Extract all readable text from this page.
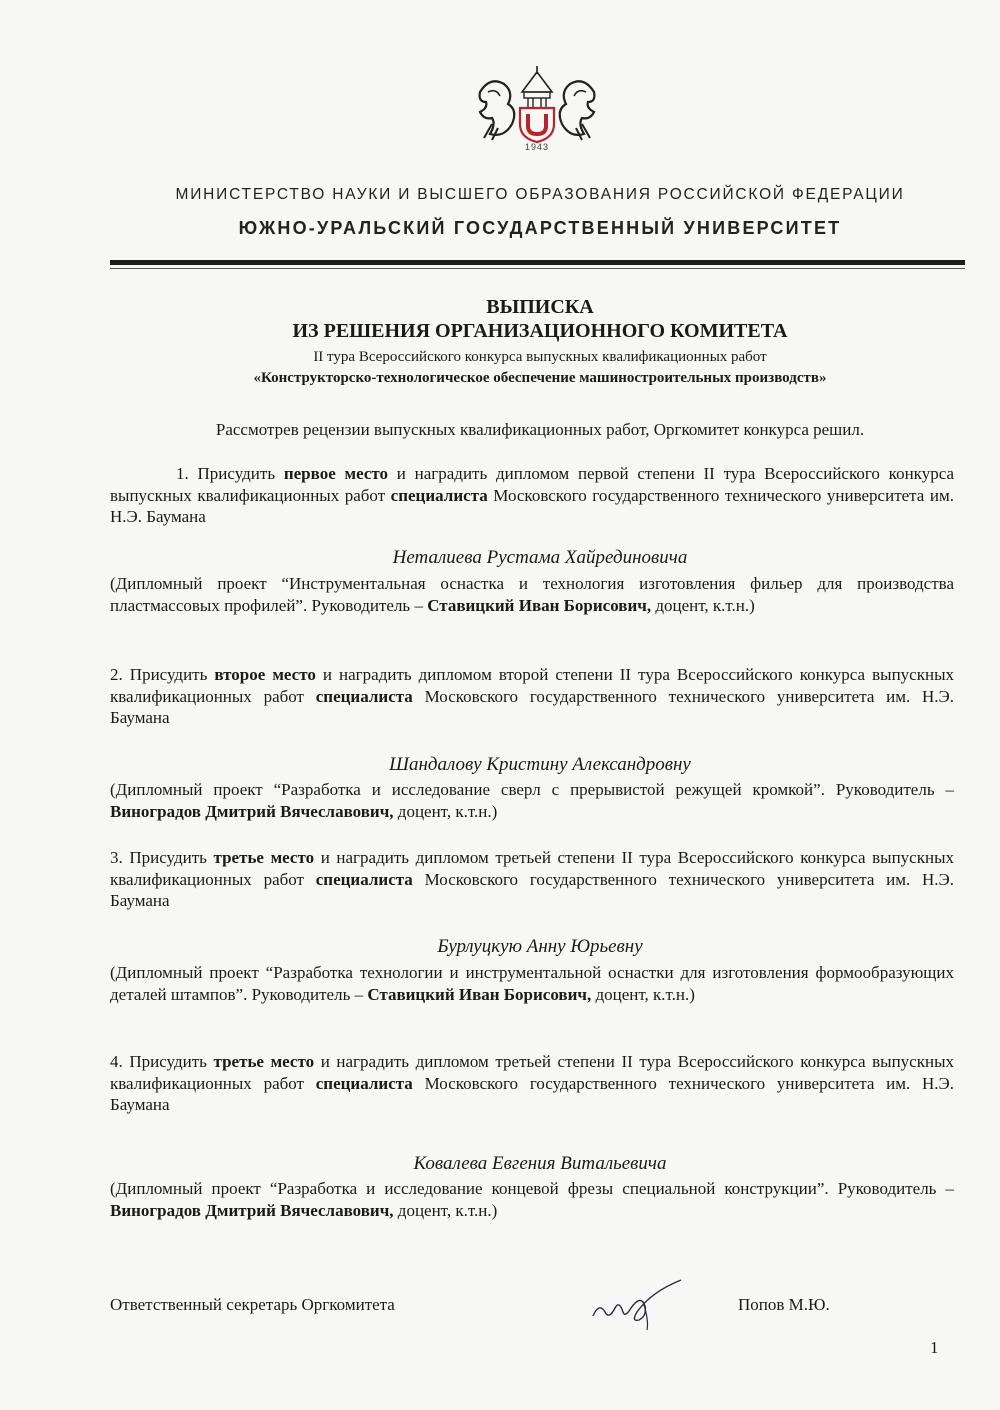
1943
МИНИСТЕРСТВО НАУКИ И ВЫСШЕГО ОБРАЗОВАНИЯ РОССИЙСКОЙ ФЕДЕРАЦИИ
ЮЖНО-УРАЛЬСКИЙ ГОСУДАРСТВЕННЫЙ УНИВЕРСИТЕТ
ВЫПИСКА
ИЗ РЕШЕНИЯ ОРГАНИЗАЦИОННОГО КОМИТЕТА
II тура Всероссийского конкурса выпускных квалификационных работ
«Конструкторско-технологическое обеспечение машиностроительных производств»
Рассмотрев рецензии выпускных квалификационных работ, Оргкомитет конкурса решил.
1. Присудить первое место и наградить дипломом первой степени II тура Всероссийского конкурса выпускных квалификационных работ специалиста Московского государственного технического университета им. Н.Э. Баумана
Неталиева Рустама Хайрединовича
(Дипломный проект “Инструментальная оснастка и технология изготовления фильер для производства пластмассовых профилей”. Руководитель – Ставицкий Иван Борисович, доцент, к.т.н.)
2. Присудить второе место и наградить дипломом второй степени II тура Всероссийского конкурса выпускных квалификационных работ специалиста Московского государственного технического университета им. Н.Э. Баумана
Шандалову Кристину Александровну
(Дипломный проект “Разработка и исследование сверл с прерывистой режущей кромкой”. Руководитель – Виноградов Дмитрий Вячеславович, доцент, к.т.н.)
3. Присудить третье место и наградить дипломом третьей степени II тура Всероссийского конкурса выпускных квалификационных работ специалиста Московского государственного технического университета им. Н.Э. Баумана
Бурлуцкую Анну Юрьевну
(Дипломный проект “Разработка технологии и инструментальной оснастки для изготовления формообразующих деталей штампов”. Руководитель – Ставицкий Иван Борисович, доцент, к.т.н.)
4. Присудить третье место и наградить дипломом третьей степени II тура Всероссийского конкурса выпускных квалификационных работ специалиста Московского государственного технического университета им. Н.Э. Баумана
Ковалева Евгения Витальевича
(Дипломный проект “Разработка и исследование концевой фрезы специальной конструкции”. Руководитель – Виноградов Дмитрий Вячеславович, доцент, к.т.н.)
Ответственный секретарь Оргкомитета	Попов М.Ю.
1
